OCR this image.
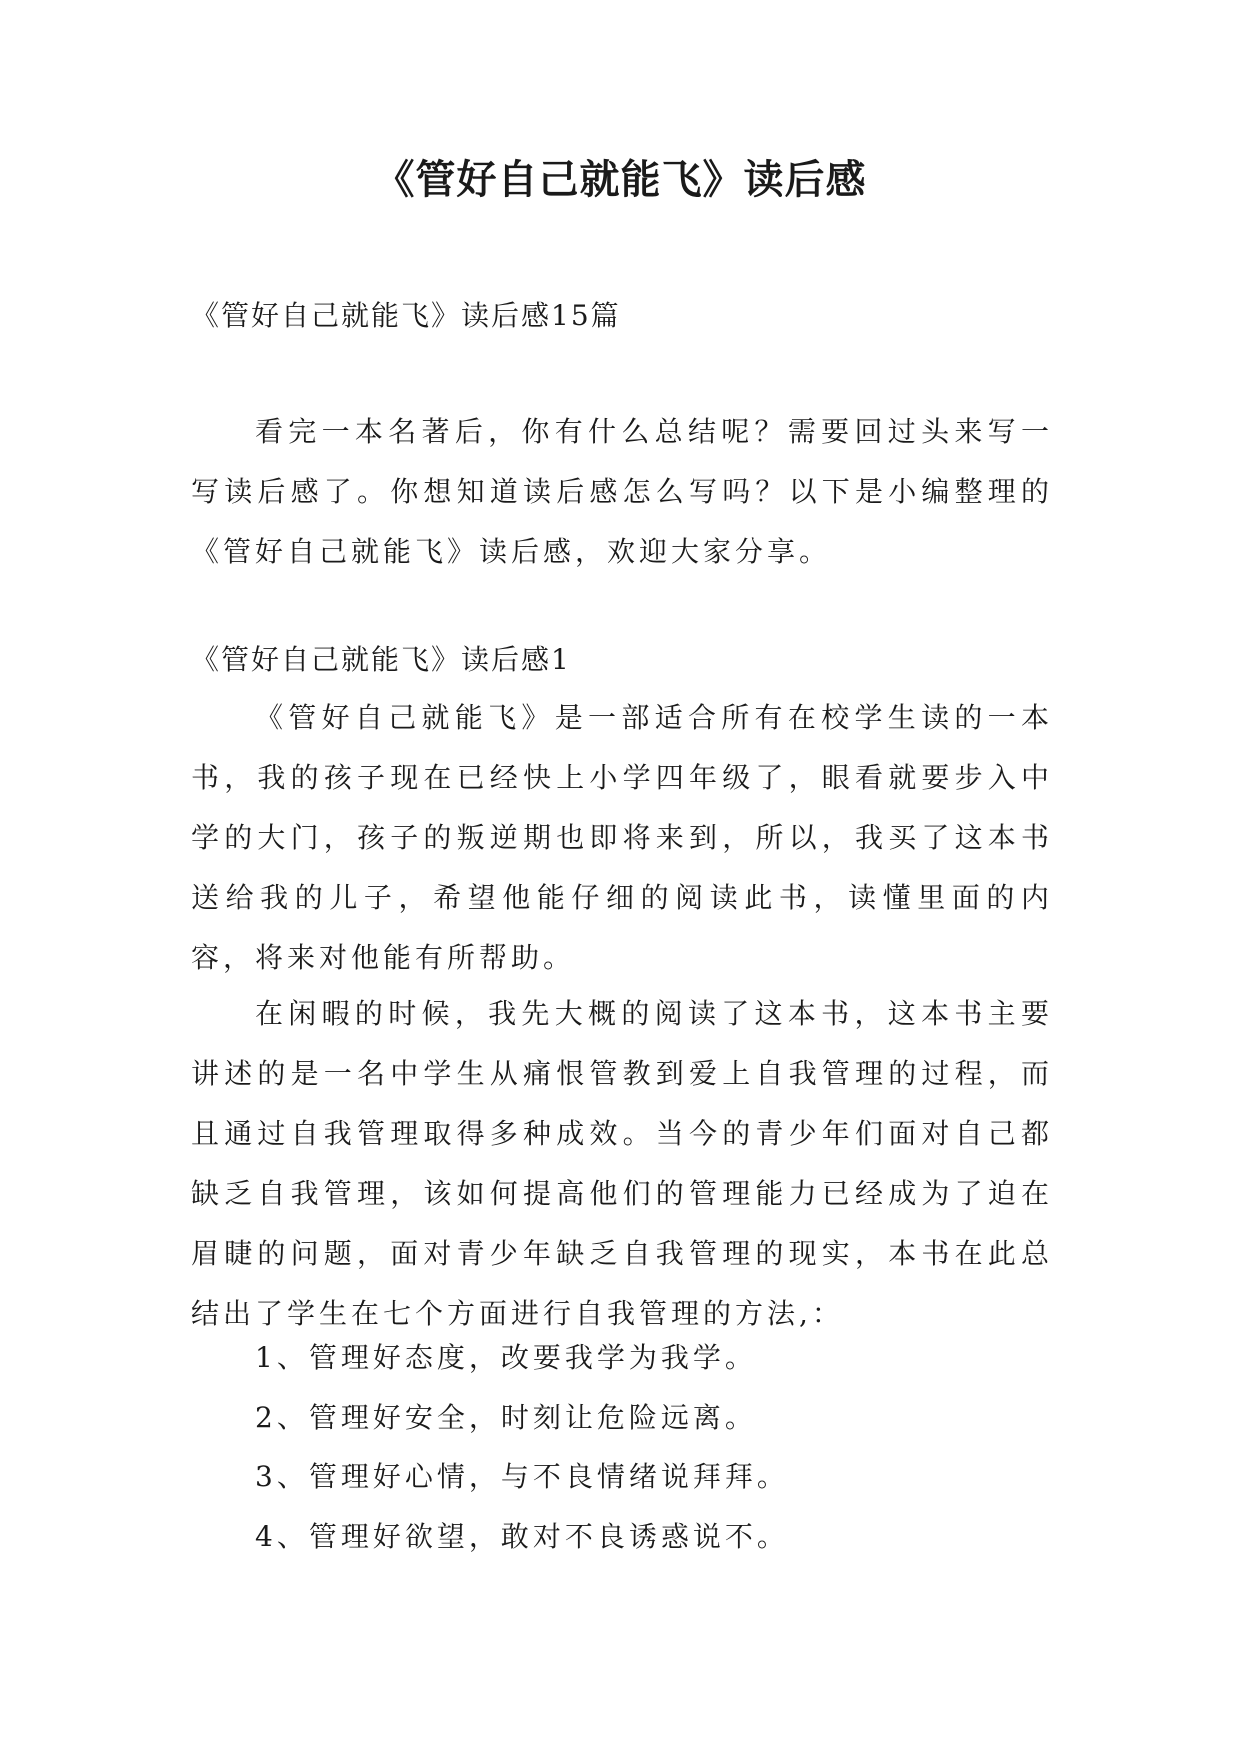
《管好自己就能飞》读后感
《管好自己就能飞》读后感15篇
看完一本名著后，你有什么总结呢？需要回过头来写一写读后感了。你想知道读后感怎么写吗？以下是小编整理的《管好自己就能飞》读后感，欢迎大家分享。
《管好自己就能飞》读后感1
《管好自己就能飞》是一部适合所有在校学生读的一本书，我的孩子现在已经快上小学四年级了，眼看就要步入中学的大门，孩子的叛逆期也即将来到，所以，我买了这本书送给我的儿子，希望他能仔细的阅读此书，读懂里面的内容，将来对他能有所帮助。
在闲暇的时候，我先大概的阅读了这本书，这本书主要讲述的是一名中学生从痛恨管教到爱上自我管理的过程，而且通过自我管理取得多种成效。当今的青少年们面对自己都缺乏自我管理，该如何提高他们的管理能力已经成为了迫在眉睫的问题，面对青少年缺乏自我管理的现实，本书在此总结出了学生在七个方面进行自我管理的方法,：
1、管理好态度，改要我学为我学。
2、管理好安全，时刻让危险远离。
3、管理好心情，与不良情绪说拜拜。
4、管理好欲望，敢对不良诱惑说不。
